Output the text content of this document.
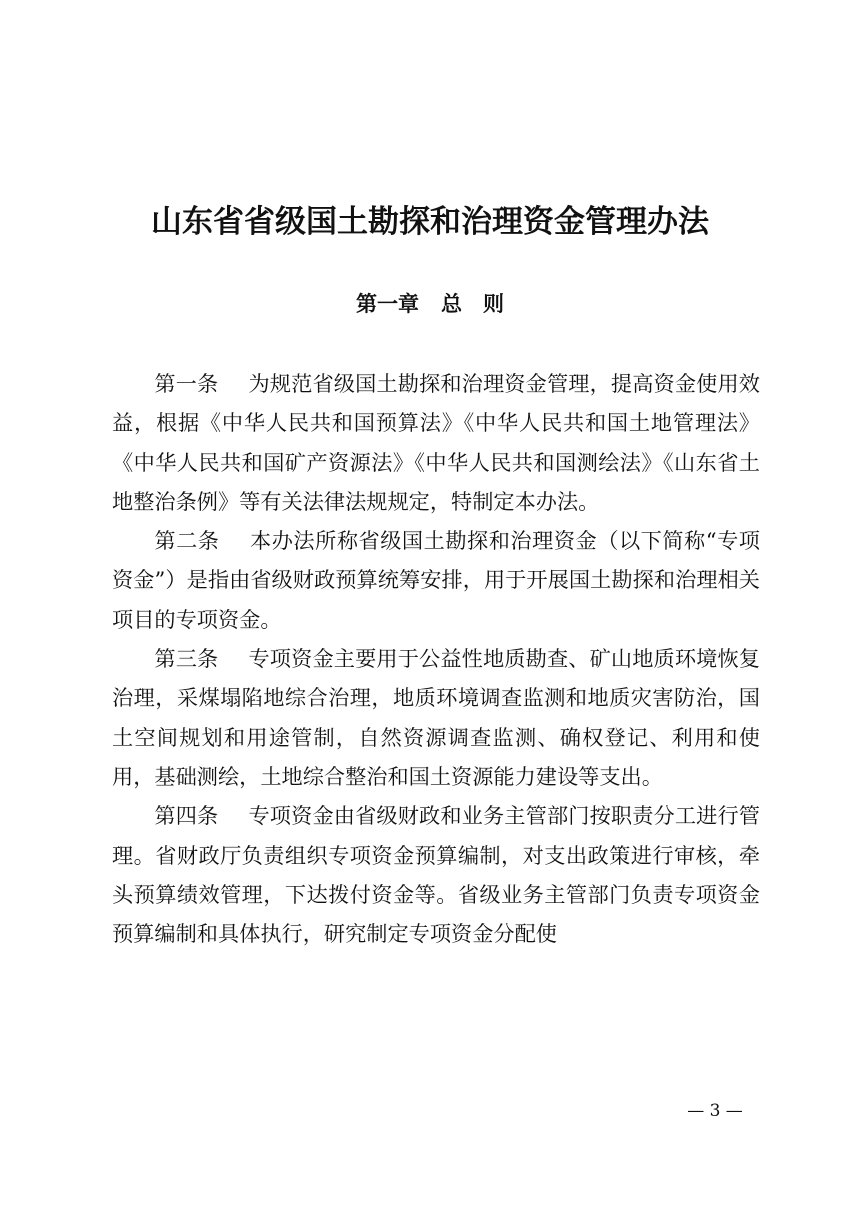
山东省省级国土勘探和治理资金管理办法
第一章 总　则

第一条 为规范省级国土勘探和治理资金管理，提高资金使用效益，根据《中华人民共和国预算法》《中华人民共和国土地管理法》《中华人民共和国矿产资源法》《中华人民共和国测绘法》《山东省土地整治条例》等有关法律法规规定，特制定本办法。

第二条 本办法所称省级国土勘探和治理资金（以下简称“专项资金”）是指由省级财政预算统筹安排，用于开展国土勘探和治理相关项目的专项资金。

第三条 专项资金主要用于公益性地质勘查、矿山地质环境恢复治理，采煤塌陷地综合治理，地质环境调查监测和地质灾害防治，国土空间规划和用途管制，自然资源调查监测、确权登记、利用和使用，基础测绘，土地综合整治和国土资源能力建设等支出。

第四条 专项资金由省级财政和业务主管部门按职责分工进行管理。省财政厅负责组织专项资金预算编制，对支出政策进行审核，牵头预算绩效管理，下达拨付资金等。省级业务主管部门负责专项资金预算编制和具体执行，研究制定专项资金分配使

— 3 —
